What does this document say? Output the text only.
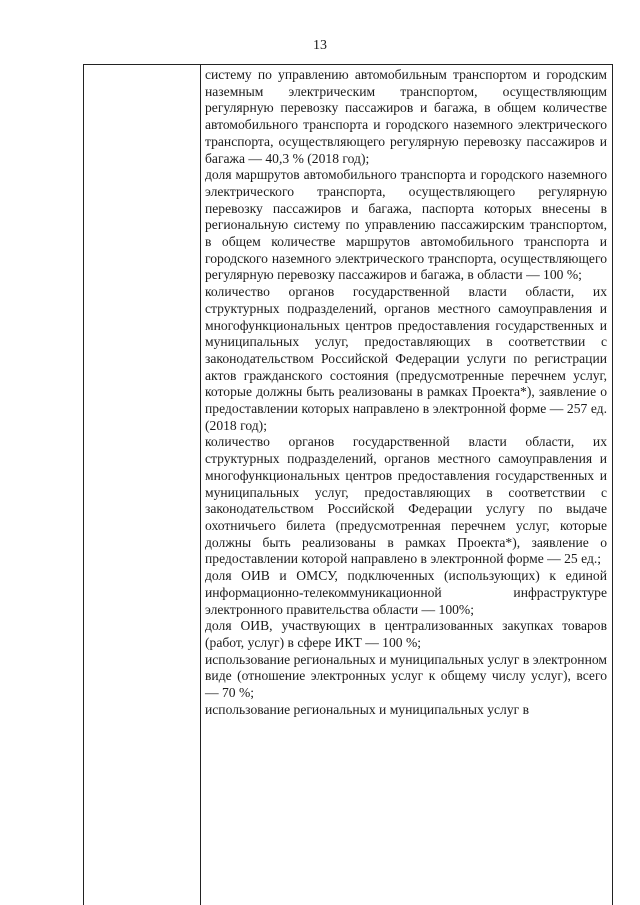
13

систему по управлению автомобильным транспортом и городским наземным электрическим транспортом, осуществляющим регулярную перевозку пассажиров и багажа, в общем количестве автомобильного транспорта и городского наземного электрического транспорта, осуществляющего регулярную перевозку пассажиров и багажа — 40,3 % (2018 год);

доля маршрутов автомобильного транспорта и городского наземного электрического транспорта, осуществляющего регулярную перевозку пассажиров и багажа, паспорта которых внесены в региональную систему по управлению пассажирским транспортом, в общем количестве маршрутов автомобильного транспорта и городского наземного электрического транспорта, осуществляющего регулярную перевозку пассажиров и багажа, в области — 100 %;

количество органов государственной власти области, их структурных подразделений, органов местного самоуправления и многофункциональных центров предоставления государственных и муниципальных услуг, предоставляющих в соответствии с законодательством Российской Федерации услуги по регистрации актов гражданского состояния (предусмотренные перечнем услуг, которые должны быть реализованы в рамках Проекта*), заявление о предоставлении которых направлено в электронной форме — 257 ед. (2018 год);

количество органов государственной власти области, их структурных подразделений, органов местного самоуправления и многофункциональных центров предоставления государственных и муниципальных услуг, предоставляющих в соответствии с законодательством Российской Федерации услугу по выдаче охотничьего билета (предусмотренная перечнем услуг, которые должны быть реализованы в рамках Проекта*), заявление о предоставлении которой направлено в электронной форме — 25 ед.;

доля ОИВ и ОМСУ, подключенных (использующих) к единой информационно-телекоммуникационной инфраструктуре электронного правительства области — 100%;

доля ОИВ, участвующих в централизованных закупках товаров (работ, услуг) в сфере ИКТ — 100 %;

использование региональных и муниципальных услуг в электронном виде (отношение электронных услуг к общему числу услуг), всего — 70 %;

использование региональных и муниципальных услуг в
